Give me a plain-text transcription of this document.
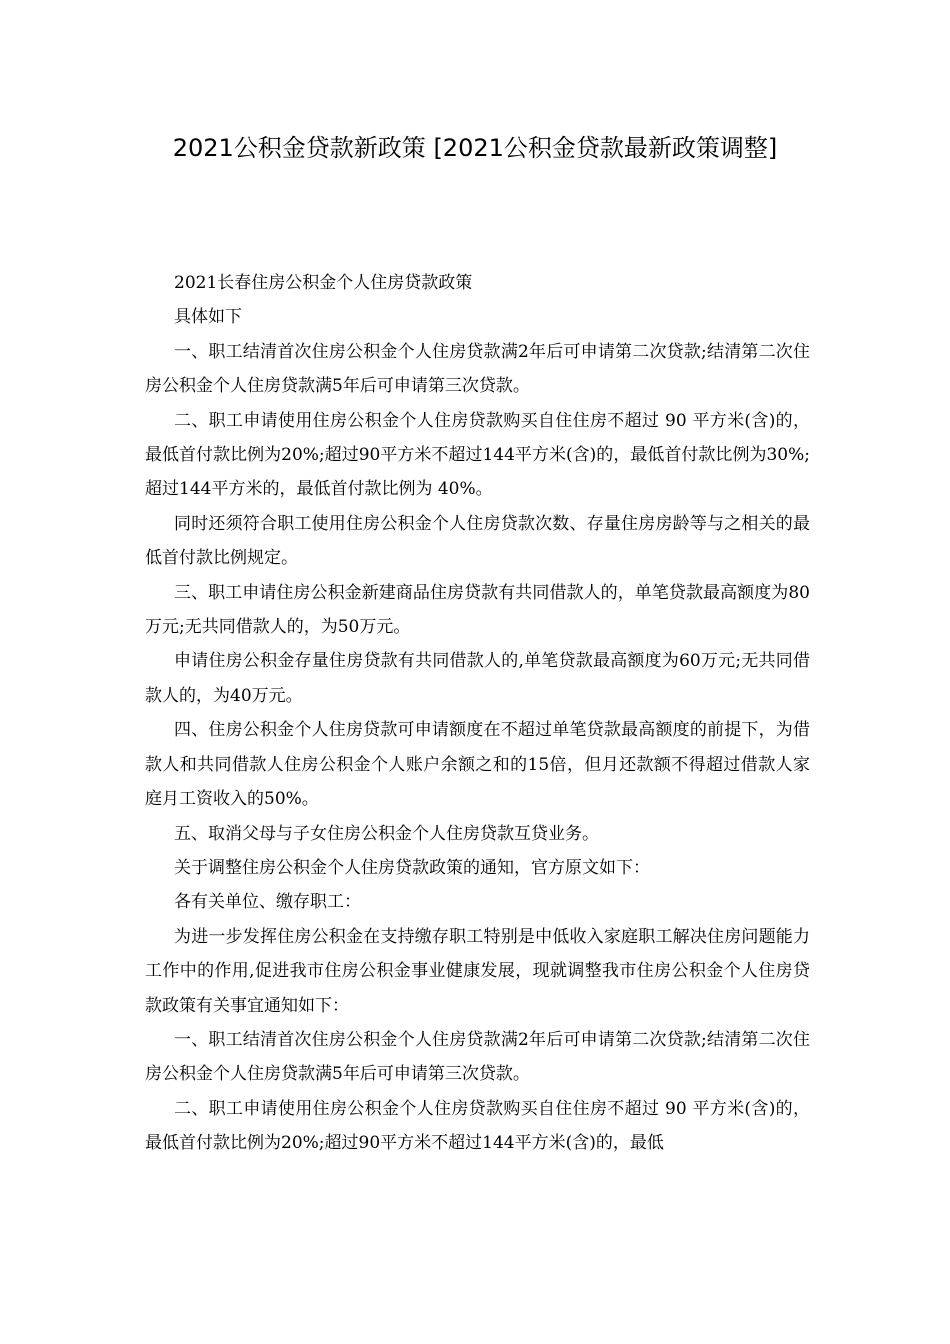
2021公积金贷款新政策 [2021公积金贷款最新政策调整]

2021长春住房公积金个人住房贷款政策

具体如下

一、职工结清首次住房公积金个人住房贷款满2年后可申请第二次贷款;结清第二次住房公积金个人住房贷款满5年后可申请第三次贷款。

二、职工申请使用住房公积金个人住房贷款购买自住住房不超过 90 平方米(含)的，最低首付款比例为20%;超过90平方米不超过144平方米(含)的，最低首付款比例为30%;超过144平方米的，最低首付款比例为 40%。

同时还须符合职工使用住房公积金个人住房贷款次数、存量住房房龄等与之相关的最低首付款比例规定。

三、职工申请住房公积金新建商品住房贷款有共同借款人的，单笔贷款最高额度为80万元;无共同借款人的，为50万元。

申请住房公积金存量住房贷款有共同借款人的,单笔贷款最高额度为60万元;无共同借款人的，为40万元。

四、住房公积金个人住房贷款可申请额度在不超过单笔贷款最高额度的前提下，为借款人和共同借款人住房公积金个人账户余额之和的15倍，但月还款额不得超过借款人家庭月工资收入的50%。

五、取消父母与子女住房公积金个人住房贷款互贷业务。

关于调整住房公积金个人住房贷款政策的通知，官方原文如下：

各有关单位、缴存职工：

为进一步发挥住房公积金在支持缴存职工特别是中低收入家庭职工解决住房问题能力工作中的作用,促进我市住房公积金事业健康发展，现就调整我市住房公积金个人住房贷款政策有关事宜通知如下：

一、职工结清首次住房公积金个人住房贷款满2年后可申请第二次贷款;结清第二次住房公积金个人住房贷款满5年后可申请第三次贷款。

二、职工申请使用住房公积金个人住房贷款购买自住住房不超过 90 平方米(含)的，最低首付款比例为20%;超过90平方米不超过144平方米(含)的，最低
